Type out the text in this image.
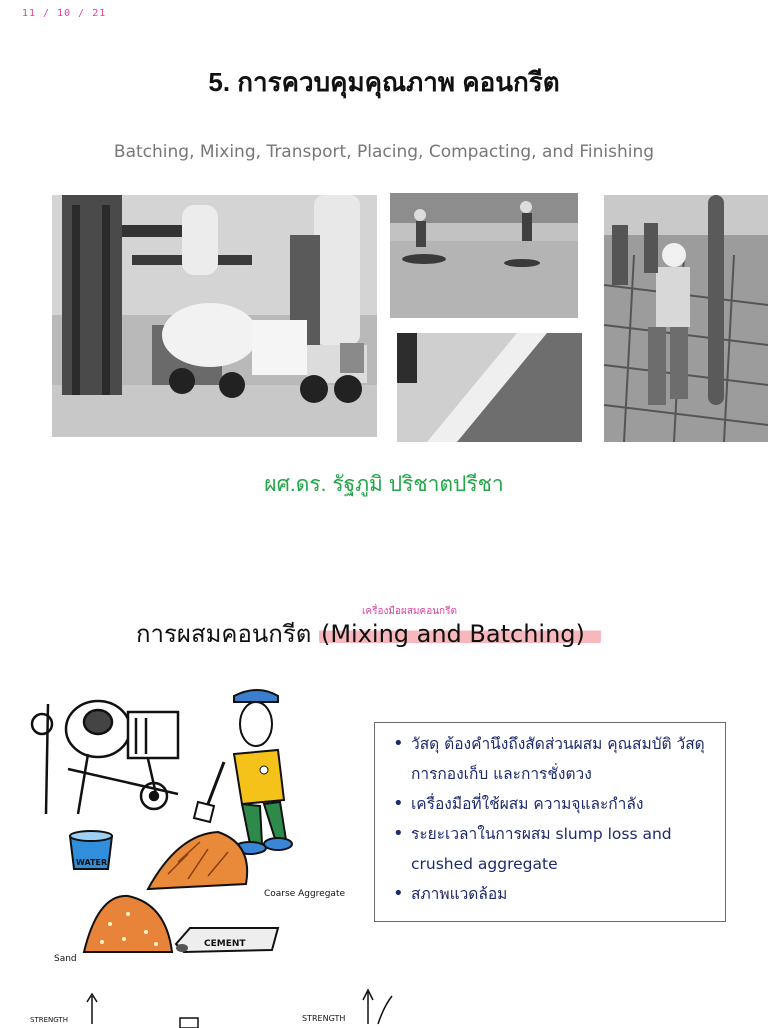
11 / 10 / 21
5. การควบคุมคุณภาพ คอนกรีต
Batching, Mixing, Transport, Placing, Compacting, and Finishing
ผศ.ดร. รัฐภูมิ ปริชาตปรีชา
เครื่องมือผสมคอนกรีต
การผสมคอนกรีต (Mixing and Batching)
WATER
Coarse Aggregate
Sand
CEMENT
• วัสดุ ต้องคำนึงถึงสัดส่วนผสม คุณสมบัติ วัสดุ การกองเก็บ และการชั่งตวง
• เครื่องมือที่ใช้ผสม ความจุและกำลัง
• ระยะเวลาในการผสม slump loss and crushed aggregate
• สภาพแวดล้อม
STRENGTH	STRENGTH
